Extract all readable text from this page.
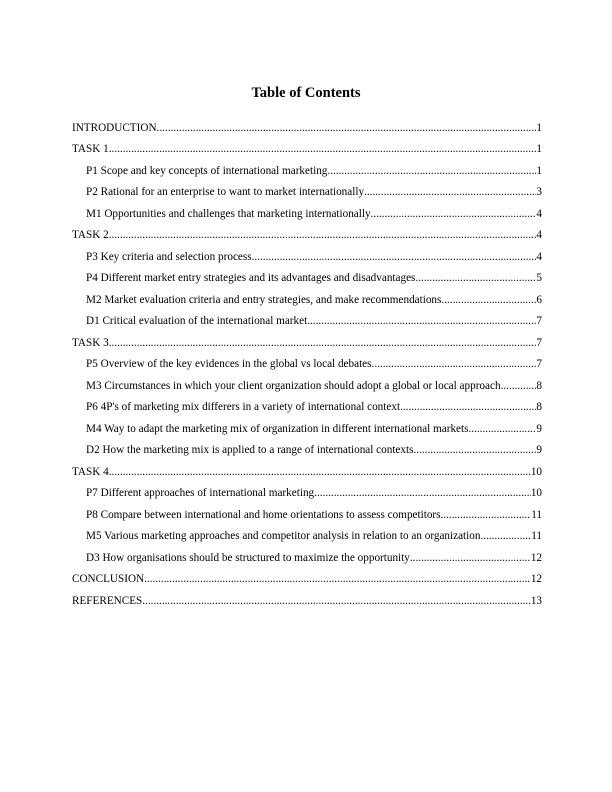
Table of Contents
INTRODUCTION .....	1
TASK 1 .....	1
P1 Scope and key concepts of international marketing .....	1
P2 Rational for an enterprise to want to market internationally .....	3
M1 Opportunities and challenges that marketing internationally .....	4
TASK 2 .....	4
P3 Key criteria and selection process .....	4
P4 Different market entry strategies and its advantages and disadvantages .....	5
M2 Market evaluation criteria and entry strategies, and make recommendations .....	6
D1 Critical evaluation of the international market .....	7
TASK 3 .....	7
P5 Overview of the key evidences in the global vs local debates .....	7
M3 Circumstances in which your client organization should adopt a global or local approach .....	8
P6 4P's of marketing mix differers in a variety of international context .....	8
M4 Way to adapt the marketing mix of organization in different international markets .....	9
D2 How the marketing mix is applied to a range of international contexts .....	9
TASK 4 .....	10
P7 Different approaches of international marketing .....	10
P8 Compare between international and home orientations to assess competitors .....	11
M5 Various marketing approaches and competitor analysis in relation to an organization .....	11
D3 How organisations should be structured to maximize the opportunity .....	12
CONCLUSION .....	12
REFERENCES .....	13
